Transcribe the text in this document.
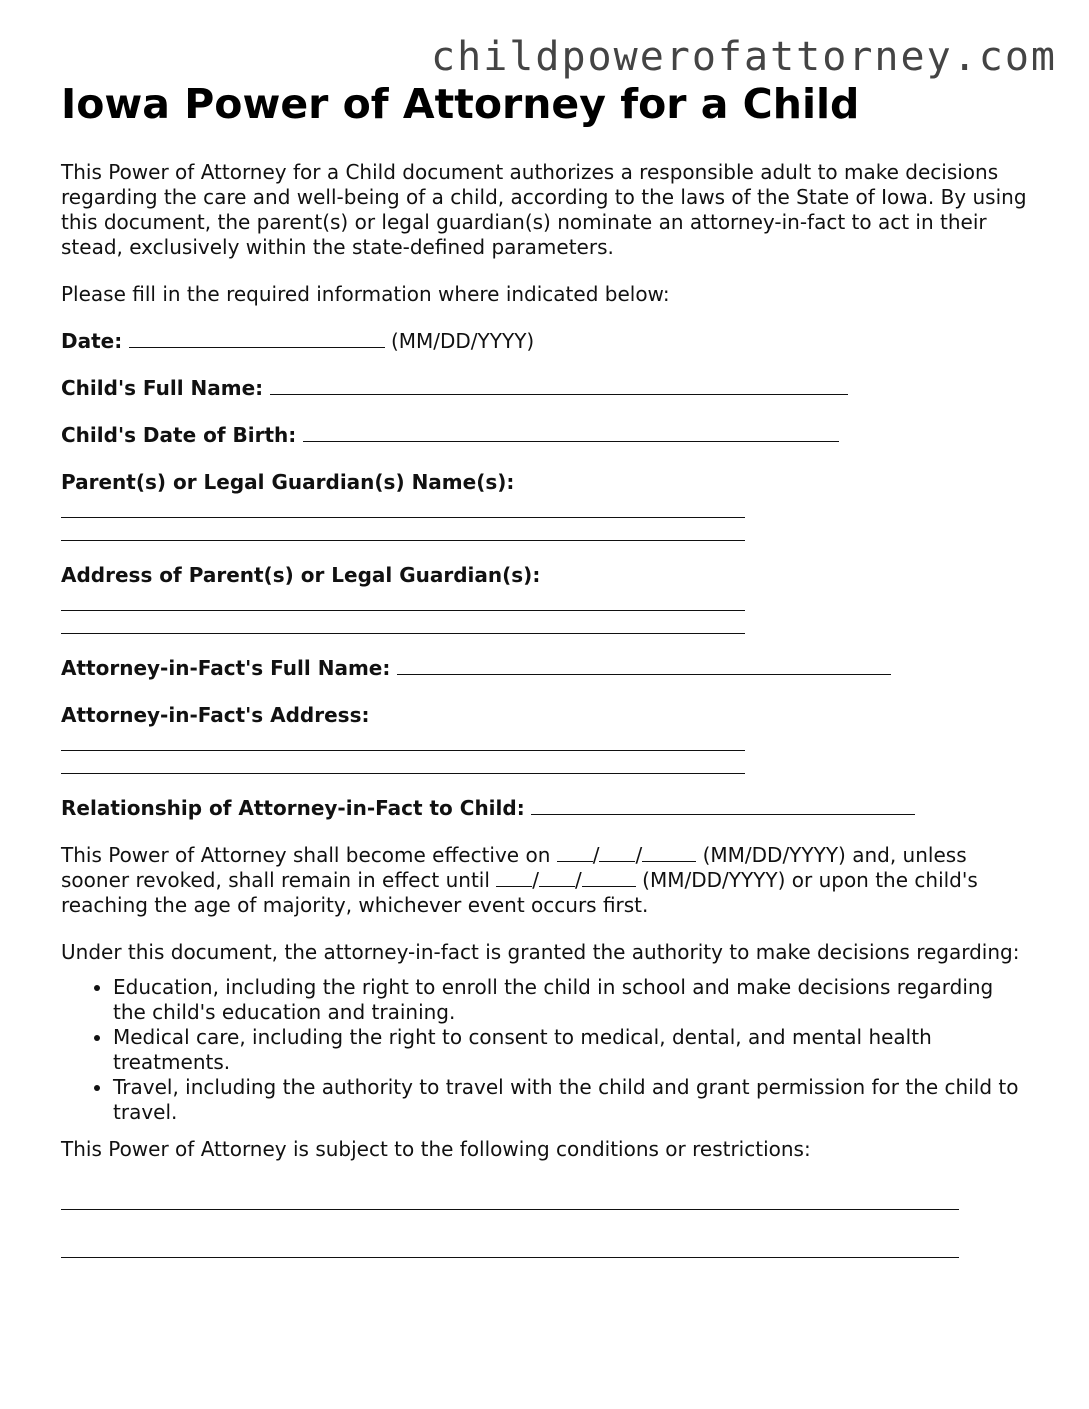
childpowerofattorney.com
Iowa Power of Attorney for a Child

This Power of Attorney for a Child document authorizes a responsible adult to make decisions regarding the care and well-being of a child, according to the laws of the State of Iowa. By using this document, the parent(s) or legal guardian(s) nominate an attorney-in-fact to act in their stead, exclusively within the state-defined parameters.

Please fill in the required information where indicated below:

Date:	(MM/DD/YYYY)
Child's Full Name:
Child's Date of Birth:
Parent(s) or Legal Guardian(s) Name(s):
Address of Parent(s) or Legal Guardian(s):
Attorney-in-Fact's Full Name:
Attorney-in-Fact's Address:
Relationship of Attorney-in-Fact to Child:

This Power of Attorney shall become effective on / /	(MM/DD/YYYY) and, unless sooner revoked, shall remain in effect until / /	(MM/DD/YYYY) or upon the child's reaching the age of majority, whichever event occurs first.

Under this document, the attorney-in-fact is granted the authority to make decisions regarding:

• Education, including the right to enroll the child in school and make decisions regarding the child's education and training.
• Medical care, including the right to consent to medical, dental, and mental health treatments.
• Travel, including the authority to travel with the child and grant permission for the child to travel.

This Power of Attorney is subject to the following conditions or restrictions:
